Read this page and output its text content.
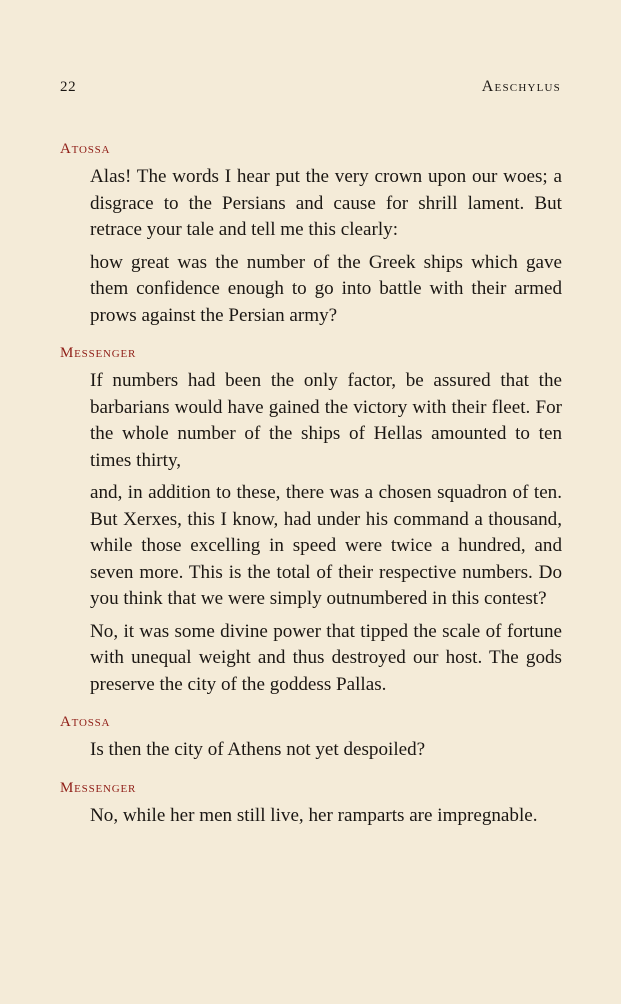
22	Aeschylus
Atossa

Alas! The words I hear put the very crown upon our woes; a disgrace to the Persians and cause for shrill lament. But retrace your tale and tell me this clearly:

how great was the number of the Greek ships which gave them confidence enough to go into battle with their armed prows against the Persian army?

Messenger

If numbers had been the only factor, be assured that the barbarians would have gained the victory with their fleet. For the whole number of the ships of Hellas amounted to ten times thirty,

and, in addition to these, there was a chosen squadron of ten. But Xerxes, this I know, had under his command a thousand, while those excelling in speed were twice a hundred, and seven more. This is the total of their respective numbers. Do you think that we were simply outnumbered in this contest?

No, it was some divine power that tipped the scale of fortune with unequal weight and thus destroyed our host. The gods preserve the city of the goddess Pallas.

Atossa

Is then the city of Athens not yet despoiled?

Messenger

No, while her men still live, her ramparts are impregnable.
